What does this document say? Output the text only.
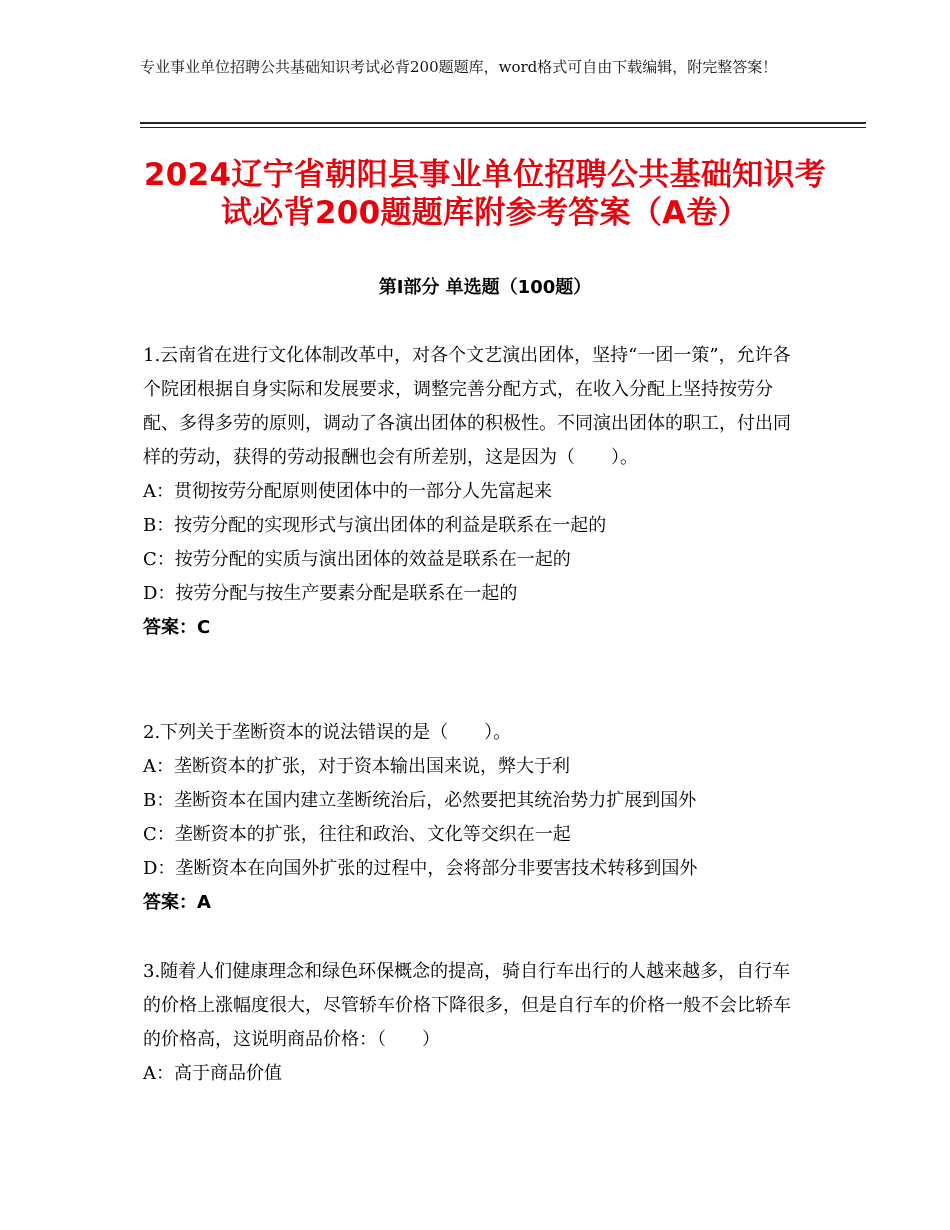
专业事业单位招聘公共基础知识考试必背200题题库，word格式可自由下载编辑，附完整答案！
2024辽宁省朝阳县事业单位招聘公共基础知识考试必背200题题库附参考答案（A卷）
第Ⅰ部分 单选题（100题）

1.云南省在进行文化体制改革中，对各个文艺演出团体，坚持“一团一策”，允许各个院团根据自身实际和发展要求，调整完善分配方式，在收入分配上坚持按劳分配、多得多劳的原则，调动了各演出团体的积极性。不同演出团体的职工，付出同样的劳动，获得的劳动报酬也会有所差别，这是因为（　　）。

A：贯彻按劳分配原则使团体中的一部分人先富起来

B：按劳分配的实现形式与演出团体的利益是联系在一起的

C：按劳分配的实质与演出团体的效益是联系在一起的

D：按劳分配与按生产要素分配是联系在一起的

答案：C

2.下列关于垄断资本的说法错误的是（　　）。

A：垄断资本的扩张，对于资本输出国来说，弊大于利

B：垄断资本在国内建立垄断统治后，必然要把其统治势力扩展到国外

C：垄断资本的扩张，往往和政治、文化等交织在一起

D：垄断资本在向国外扩张的过程中，会将部分非要害技术转移到国外

答案：A

3.随着人们健康理念和绿色环保概念的提高，骑自行车出行的人越来越多，自行车的价格上涨幅度很大，尽管轿车价格下降很多，但是自行车的价格一般不会比轿车的价格高，这说明商品价格：（　　）

A：高于商品价值
